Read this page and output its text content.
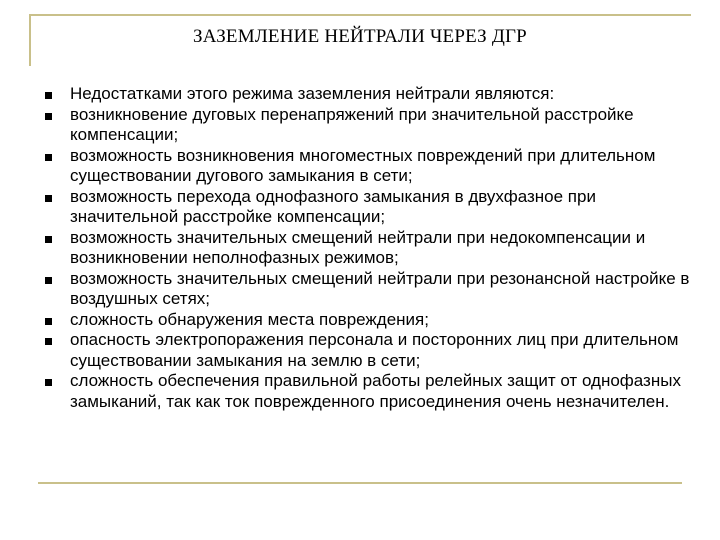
ЗАЗЕМЛЕНИЕ НЕЙТРАЛИ ЧЕРЕЗ ДГР
Недостатками этого режима заземления нейтрали являются:
возникновение дуговых перенапряжений при значительной расстройке компенсации;
возможность возникновения многоместных повреждений при длительном существовании дугового замыкания в сети;
возможность перехода однофазного замыкания в двухфазное при значительной расстройке компенсации;
возможность значительных смещений нейтрали при недокомпенсации и возникновении неполнофазных режимов;
возможность значительных смещений нейтрали при резонансной настройке в воздушных сетях;
сложность обнаружения места повреждения;
опасность электропоражения персонала и посторонних лиц при длительном существовании замыкания на землю в сети;
сложность обеспечения правильной работы релейных защит от однофазных замыканий, так как ток поврежденного присоединения очень незначителен.
